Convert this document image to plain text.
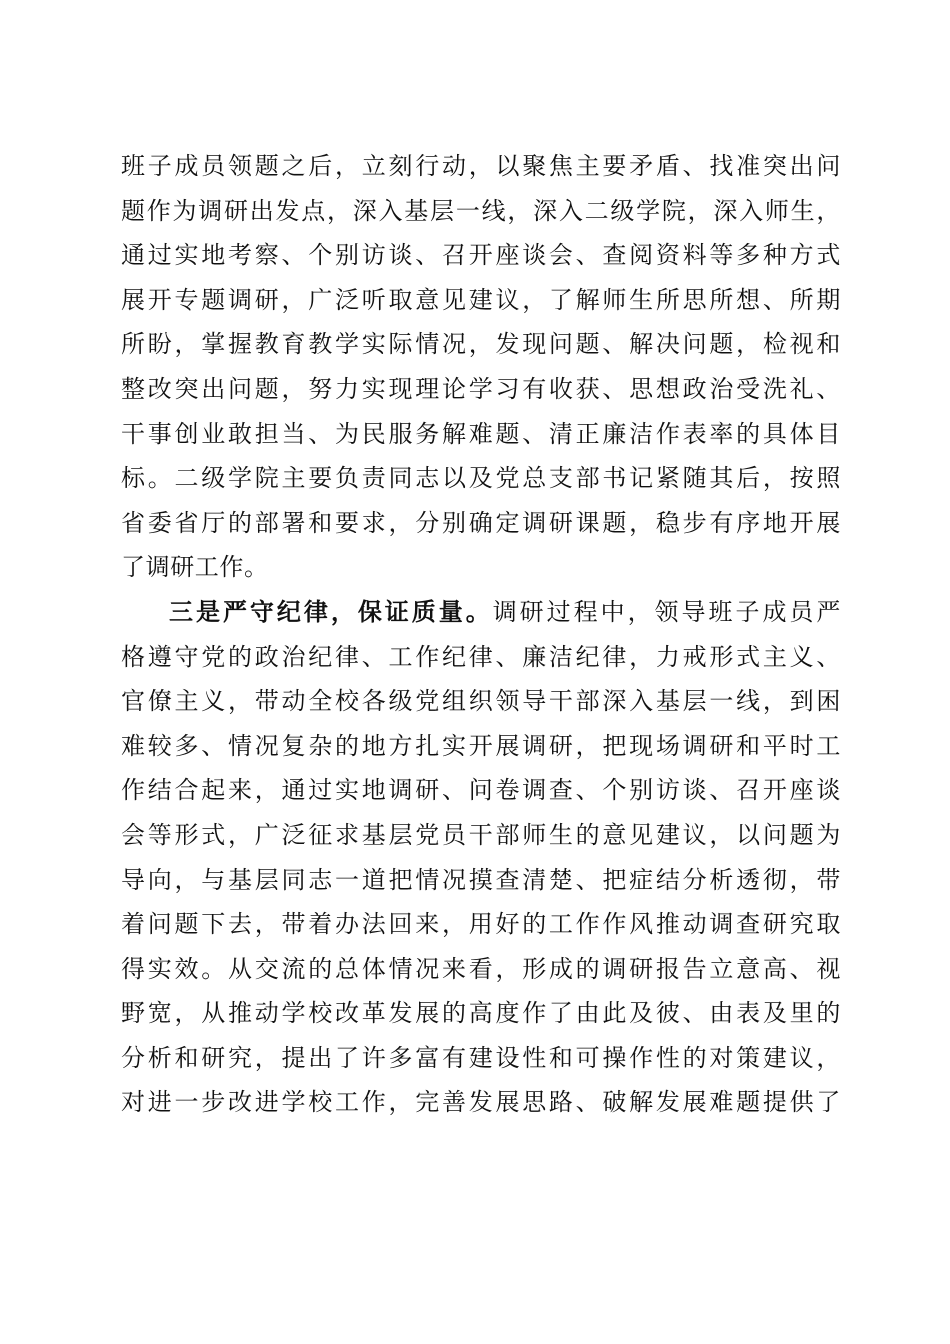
班子成员领题之后，立刻行动，以聚焦主要矛盾、找准突出问
题作为调研出发点，深入基层一线，深入二级学院，深入师生，
通过实地考察、个别访谈、召开座谈会、查阅资料等多种方式
展开专题调研，广泛听取意见建议，了解师生所思所想、所期
所盼，掌握教育教学实际情况，发现问题、解决问题，检视和
整改突出问题，努力实现理论学习有收获、思想政治受洗礼、
干事创业敢担当、为民服务解难题、清正廉洁作表率的具体目
标。二级学院主要负责同志以及党总支部书记紧随其后，按照
省委省厅的部署和要求，分别确定调研课题，稳步有序地开展
了调研工作。
三是严守纪律，保证质量。调研过程中，领导班子成员严
格遵守党的政治纪律、工作纪律、廉洁纪律，力戒形式主义、
官僚主义，带动全校各级党组织领导干部深入基层一线，到困
难较多、情况复杂的地方扎实开展调研，把现场调研和平时工
作结合起来，通过实地调研、问卷调查、个别访谈、召开座谈
会等形式，广泛征求基层党员干部师生的意见建议，以问题为
导向，与基层同志一道把情况摸查清楚、把症结分析透彻，带
着问题下去，带着办法回来，用好的工作作风推动调查研究取
得实效。从交流的总体情况来看，形成的调研报告立意高、视
野宽，从推动学校改革发展的高度作了由此及彼、由表及里的
分析和研究，提出了许多富有建设性和可操作性的对策建议，
对进一步改进学校工作，完善发展思路、破解发展难题提供了
